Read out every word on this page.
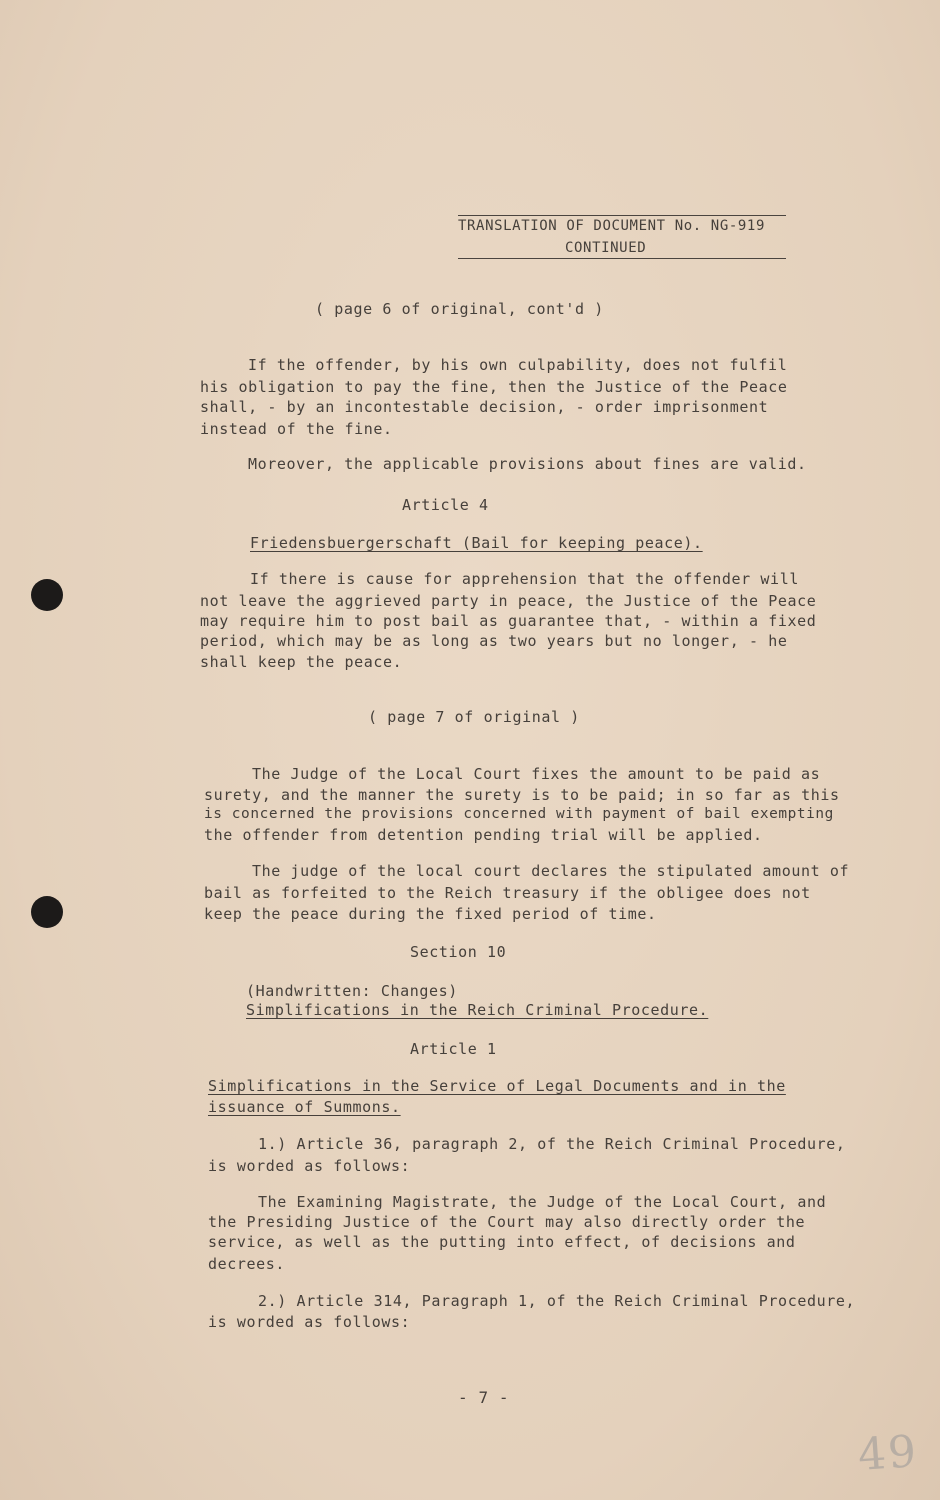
TRANSLATION OF DOCUMENT No. NG-919
CONTINUED
( page 6 of original, cont'd )
If the offender, by his own culpability, does not fulfil
his obligation to pay the fine, then the Justice of the Peace
shall, - by an incontestable decision, - order imprisonment
instead of the fine.
Moreover, the applicable provisions about fines are valid.
Article 4
Friedensbuergerschaft (Bail for keeping peace).
If there is cause for apprehension that the offender will
not leave the aggrieved party in peace, the Justice of the Peace
may require him to post bail as guarantee that, - within a fixed
period, which may be as long as two years but no longer, - he
shall keep the peace.
( page 7 of original )
The Judge of the Local Court fixes the amount to be paid as
surety, and the manner the surety is to be paid; in so far as this
is concerned the provisions concerned with payment of bail exempting
the offender from detention pending trial will be applied.
The judge of the local court declares the stipulated amount of
bail as forfeited to the Reich treasury if the obligee does not
keep the peace during the fixed period of time.
Section 10
(Handwritten: Changes)
Simplifications in the Reich Criminal Procedure.
Article 1
Simplifications in the Service of Legal Documents and in the
issuance of Summons.
1.) Article 36, paragraph 2, of the Reich Criminal Procedure,
is worded as follows:
The Examining Magistrate, the Judge of the Local Court, and
the Presiding Justice of the Court may also directly order the
service, as well as the putting into effect, of decisions and
decrees.
2.) Article 314, Paragraph 1, of the Reich Criminal Procedure,
is worded as follows:
- 7 -
49
